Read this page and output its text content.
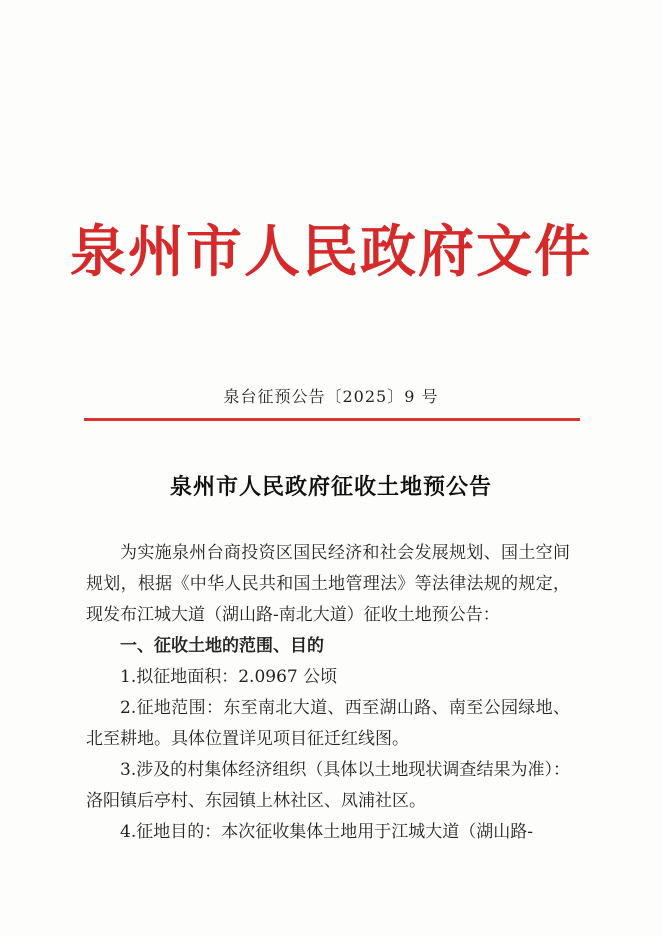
泉州市人民政府文件
泉台征预公告〔2025〕9 号
泉州市人民政府征收土地预公告

为实施泉州台商投资区国民经济和社会发展规划、国土空间规划，根据《中华人民共和国土地管理法》等法律法规的规定，现发布江城大道（湖山路-南北大道）征收土地预公告：

一、征收土地的范围、目的

1.拟征地面积：2.0967 公顷

2.征地范围：东至南北大道、西至湖山路、南至公园绿地、北至耕地。具体位置详见项目征迁红线图。

3.涉及的村集体经济组织（具体以土地现状调查结果为准）：洛阳镇后亭村、东园镇上林社区、凤浦社区。

4.征地目的：本次征收集体土地用于江城大道（湖山路-
